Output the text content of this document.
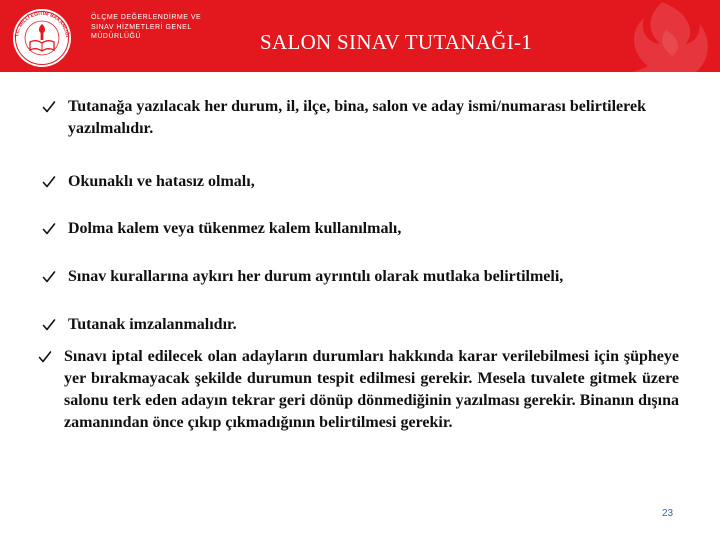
T.C. MİLLÎ EĞİTİM BAKANLIĞI
ÖLÇME DEĞERLENDİRME VE
SINAV HİZMETLERİ GENEL
MÜDÜRLÜĞÜ	SALON SINAV TUTANAĞI-1
Tutanağa yazılacak her durum, il, ilçe, bina, salon ve aday ismi/numarası belirtilerek yazılmalıdır.
Okunaklı ve hatasız olmalı,
Dolma kalem veya tükenmez kalem kullanılmalı,
Sınav kurallarına aykırı her durum ayrıntılı olarak mutlaka belirtilmeli,
Tutanak imzalanmalıdır.
Sınavı iptal edilecek olan adayların durumları hakkında karar verilebilmesi için şüpheye yer bırakmayacak şekilde durumun tespit edilmesi gerekir. Mesela tuvalete gitmek üzere salonu terk eden adayın tekrar geri dönüp dönmediğinin yazılması gerekir. Binanın dışına zamanından önce çıkıp çıkmadığının belirtilmesi gerekir.
23
